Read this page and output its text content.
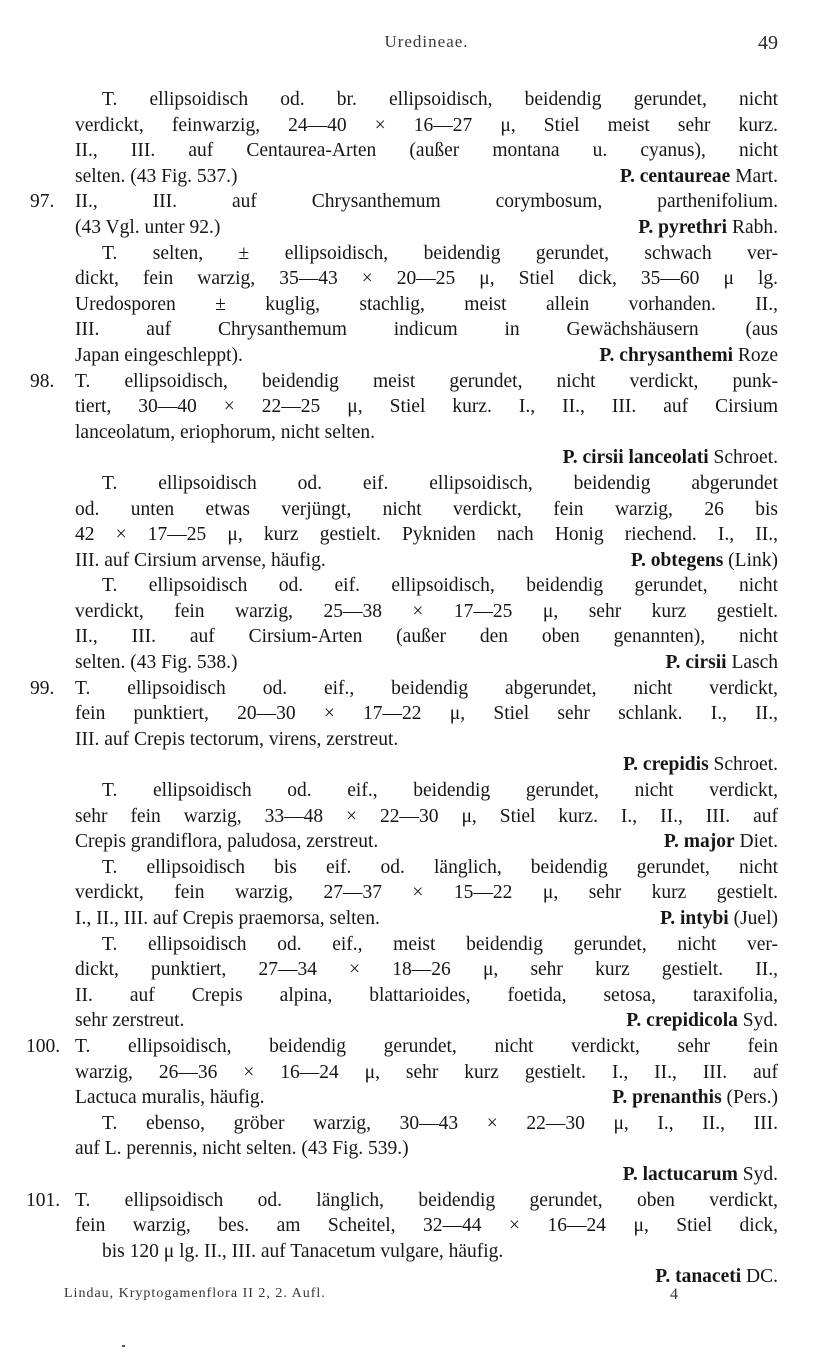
Uredineae.	49
T. ellipsoidisch od. br. ellipsoidisch, beidendig gerundet, nicht
verdickt, feinwarzig, 24—40 × 16—27 μ, Stiel meist sehr kurz.
II., III. auf Centaurea-Arten (außer montana u. cyanus), nicht
selten. (43 Fig. 537.)	P. centaureae Mart.
97.	II., III. auf Chrysanthemum corymbosum, parthenifolium.
(43 Vgl. unter 92.)	P. pyrethri Rabh.
T. selten, ± ellipsoidisch, beidendig gerundet, schwach ver-
dickt, fein warzig, 35—43 × 20—25 μ, Stiel dick, 35—60 μ lg.
Uredosporen ± kuglig, stachlig, meist allein vorhanden. II.,
III. auf Chrysanthemum indicum in Gewächshäusern (aus
Japan eingeschleppt).	P. chrysanthemi Roze
98.	T. ellipsoidisch, beidendig meist gerundet, nicht verdickt, punk-
tiert, 30—40 × 22—25 μ, Stiel kurz. I., II., III. auf Cirsium
lanceolatum, eriophorum, nicht selten.
P. cirsii lanceolati Schroet.
T. ellipsoidisch od. eif. ellipsoidisch, beidendig abgerundet
od. unten etwas verjüngt, nicht verdickt, fein warzig, 26 bis
42 × 17—25 μ, kurz gestielt. Pykniden nach Honig riechend. I., II.,
III. auf Cirsium arvense, häufig.	P. obtegens (Link)
T. ellipsoidisch od. eif. ellipsoidisch, beidendig gerundet, nicht
verdickt, fein warzig, 25—38 × 17—25 μ, sehr kurz gestielt.
II., III. auf Cirsium-Arten (außer den oben genannten), nicht
selten. (43 Fig. 538.)	P. cirsii Lasch
99.	T. ellipsoidisch od. eif., beidendig abgerundet, nicht verdickt,
fein punktiert, 20—30 × 17—22 μ, Stiel sehr schlank. I., II.,
III. auf Crepis tectorum, virens, zerstreut.
P. crepidis Schroet.
T. ellipsoidisch od. eif., beidendig gerundet, nicht verdickt,
sehr fein warzig, 33—48 × 22—30 μ, Stiel kurz. I., II., III. auf
Crepis grandiflora, paludosa, zerstreut.	P. major Diet.
T. ellipsoidisch bis eif. od. länglich, beidendig gerundet, nicht
verdickt, fein warzig, 27—37 × 15—22 μ, sehr kurz gestielt.
I., II., III. auf Crepis praemorsa, selten.	P. intybi (Juel)
T. ellipsoidisch od. eif., meist beidendig gerundet, nicht ver-
dickt, punktiert, 27—34 × 18—26 μ, sehr kurz gestielt. II.,
II. auf Crepis alpina, blattarioides, foetida, setosa, taraxifolia,
sehr zerstreut.	P. crepidicola Syd.
100. T. ellipsoidisch, beidendig gerundet, nicht verdickt, sehr fein
warzig, 26—36 × 16—24 μ, sehr kurz gestielt. I., II., III. auf
Lactuca muralis, häufig.	P. prenanthis (Pers.)
T. ebenso, gröber warzig, 30—43 × 22—30 μ, I., II., III.
auf L. perennis, nicht selten. (43 Fig. 539.)
P. lactucarum Syd.
101. T. ellipsoidisch od. länglich, beidendig gerundet, oben verdickt,
fein warzig, bes. am Scheitel, 32—44 × 16—24 μ, Stiel dick,
bis 120 μ lg. II., III. auf Tanacetum vulgare, häufig.
P. tanaceti DC.
Lindau, Kryptogamenflora II 2, 2. Aufl.	4
